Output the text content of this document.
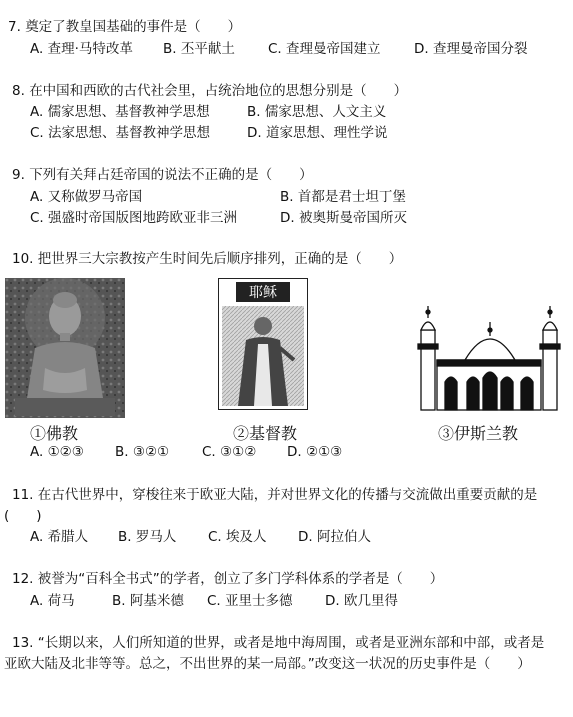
7. 奠定了教皇国基础的事件是（　　）
A. 查理·马特改革 B. 丕平献土 C. 查理曼帝国建立 D. 查理曼帝国分裂
8. 在中国和西欧的古代社会里，占统治地位的思想分别是（　　）
A. 儒家思想、基督教神学思想	B. 儒家思想、人文主义
C. 法家思想、基督教神学思想	D. 道家思想、理性学说
9. 下列有关拜占廷帝国的说法不正确的是（　　）
A. 又称做罗马帝国	B. 首都是君士坦丁堡
C. 强盛时帝国版图地跨欧亚非三洲	D. 被奥斯曼帝国所灭
10. 把世界三大宗教按产生时间先后顺序排列，正确的是（　　）
①佛教
耶稣
②基督教	③伊斯兰教
A. ①②③ B. ③②① C. ③①② D. ②①③
11. 在古代世界中，穿梭往来于欧亚大陆，并对世界文化的传播与交流做出重要贡献的是
(　　)
A. 希腊人 B. 罗马人 C. 埃及人 D. 阿拉伯人
12. 被誉为“百科全书式”的学者，创立了多门学科体系的学者是（　　）
A. 荷马	B. 阿基米德 C. 亚里士多德 D. 欧几里得
13. “长期以来，人们所知道的世界，或者是地中海周围，或者是亚洲东部和中部，或者是
亚欧大陆及北非等等。总之，不出世界的某一局部。”改变这一状况的历史事件是（　　）
